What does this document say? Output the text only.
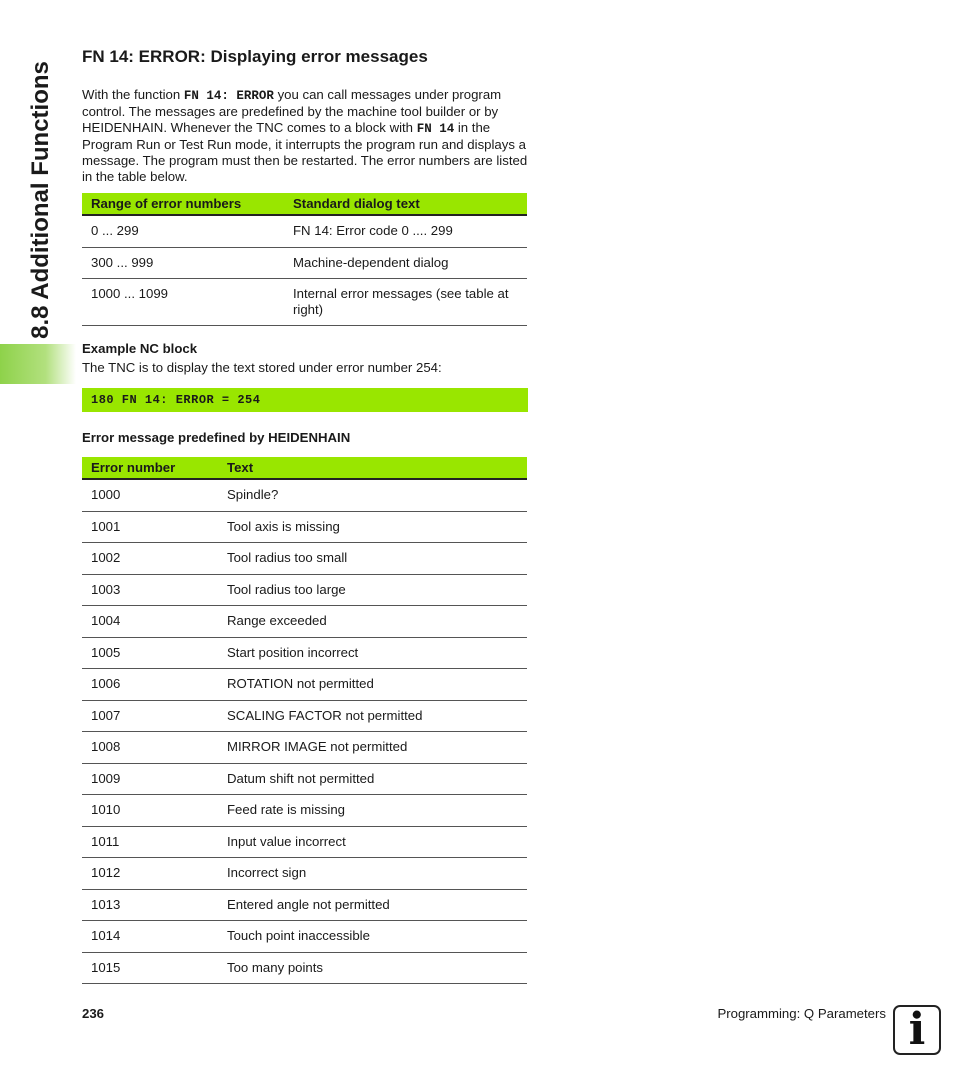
8.8 Additional Functions
FN 14: ERROR: Displaying error messages

With the function FN 14: ERROR you can call messages under program control. The messages are predefined by the machine tool builder or by HEIDENHAIN. Whenever the TNC comes to a block with FN 14 in the Program Run or Test Run mode, it interrupts the program run and displays a message. The program must then be restarted. The error numbers are listed in the table below.

Range of error numbers	Standard dialog text
0 ... 299	FN 14: Error code 0 .... 299
300 ... 999	Machine-dependent dialog
1000 ... 1099	Internal error messages (see table at right)

Example NC block

The TNC is to display the text stored under error number 254:

180 FN 14: ERROR = 254

Error message predefined by HEIDENHAIN

Error number	Text
1000	Spindle?
1001	Tool axis is missing
1002	Tool radius too small
1003	Tool radius too large
1004	Range exceeded
1005	Start position incorrect
1006	ROTATION not permitted
1007	SCALING FACTOR not permitted
1008	MIRROR IMAGE not permitted
1009	Datum shift not permitted
1010	Feed rate is missing
1011	Input value incorrect
1012	Incorrect sign
1013	Entered angle not permitted
1014	Touch point inaccessible
1015	Too many points
236	Programming: Q Parameters i
